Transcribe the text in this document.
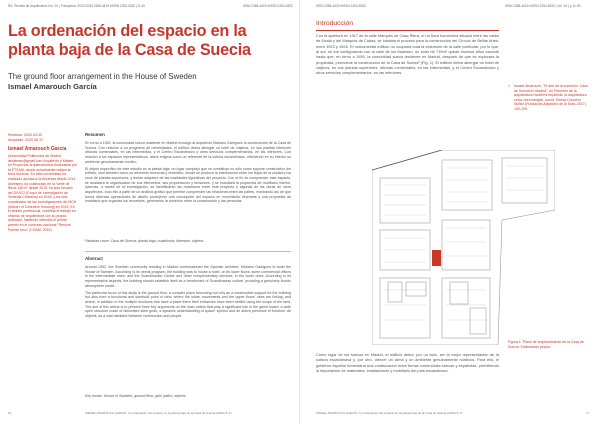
RA. Revista de Arquitectura Vol. 24. | Pamplona, 2023 ISSN 2386-4419 eISSN 2254-6332 | 8–30	ISSN 2386-4419 eISSN 2254-6332	ISSN 2386-4419 eISSN 2254-6332	ISSN 2386-4419 eISSN 2254-6332 | Vol. 24 | p. 8–30
La ordenación del espacio en la planta baja de la Casa de Suecia
The ground floor arrangement in the House of Sweden
Ismael Amarouch García
Recibido: 2020.04.30
Aceptado: 2020.06.17
Ismael Amarouch García
Universidad Politécnica de Madrid ismaieam@gmail.com Arquitecto y Máster en Proyectos Arquitectónicos Avanzados por la ETSAM, donde actualmente realiza la tesis doctoral. En esta universidad ha realizado ayudas a la docencia desde 2014. Asimismo ha colaborado en la "serie de libros 14Km" desde 2015, ha sido becario del GIVCO (Grupo de Investigación de Vivienda Colectiva) en 2018, y ha sido coordinador de las investigaciones del MCH (Master of Collective Housing) en 2019. En el ámbito profesional, combina el trabajo en oficinas de arquitectura con su propia actividad, habiendo obtenido el primer premio en el concurso nacional "Renove Puente urso" (COAM, 2015).
Resumen

En torno a 1952, la comunidad sueca residente en Madrid encargó al arquitecto Mariano Garrigues la construcción de la Casa de Suecia. Con relación a un programa de necesidades, el edificio debía albergar un hotel de viajeros, en sus plantas inferiores oficinas comerciales, en las intermedias, y el Centro Escandinavo y otros servicios complementarios, en las inferiores. Con relación a los espacios representativos, dicha enigma como un referente de la cultura escandinava, ofreciendo en su interior un ambiente genuinamente nórdico.

El objeto específico de este estudio es la planta baja, un lugar complejo que se constituye no sólo como soporte constructivo del edificio, sino también como su elemento funcional y simbólico, donde se produce la intersección entre los flujos de la ciudad y los usos de plantas superiores, y donde adquiere de las cualidades figurativas del proyecto. Con el fin de comprender este espacio, se analizará la organización de sus elementos, sus proporciones y tensiones, y se estudiará la propuesta de mobiliario interior. Además, a través de la investigación, se identificarán las relaciones entre este proyecto y algunas de las obras de otros arquitectos, todo ello a partir de un análisis gráfico que permite comprender las relaciones entre las partes, mostrando así de qué forma diversas operaciones de diseño produjeron una concepción del espacio en movimiento itinerante y una propuesta de mobiliario que organiza los recorridos, generando la conexión entre la construcción y las personas.

Palabras clave: Casa de Suecia; planta baja; cuadrícula; itinerario; objetos.
Abstract

Around 1952, the Swedish community residing in Madrid commissioned the Spanish architect, Mariano Garrigues to build the House of Sweden. According to its needs program, the building was to house a hotel, on its lower floors: some commercial offices in the intermediate ones; and the Scandinavian Center and other complementary services, in the lower ones. According to its representative aspects, the building should establish itself as a benchmark of Scandinavian culture, providing a genuinely Nordic atmosphere inside.

The particular focus of this study is the ground floor, a complex place becoming not only as a constructive support for the building but also from a functional and symbolic point of view, where the urban movements and the upper floors' uses are linking, and where, in addition to the multiple functions that have a place there their entrances have been settled using the scope of the land. The aim of this article is to present three key arguments on the main orders that play a significant role in the game board: a wide open structure made of dimorated steel grids, a dynamic understanding of space; symbol and an active presence of furniture. All objects, as a vital mediator between construction and people.

Key words: House of Sweden; ground floor; grid; paths; objects.
Introducción
Con la apertura en 1917 de la calle Marqués de Casa Riera, en la finca homónima situada entre las calles de Alcalá y del Marqués de Cubas, se iniciaba el proceso para la construcción del Círculo de Bellas Artes, entre 1923 y 1926. El monumental edificio no ocuparía toda la extensión de la calle particular, por lo que, al sur, se fue configurando con la calle de los Madrazo, un solar de 715m² quedó muchos años vacante hasta que, en torno a 1950, la comunidad sueca residente en Madrid, despues de que se explorara la propiedad, promueve la construcción de la Casa de Suecia¹ (Fig. 1). El edificio debía albergar un hotel de viajeros, en sus plantas superiores; oficinas comerciales, en las intermedias, y el Centro Escandinavo y otros servicios complementarios, en las inferiores.
Como lugar de los suecos en Madrid, el edificio debía, por un lado, ser la mejor representación de la cultura escandinava y, por otro, ofrecer un clima y un ambiente genuinamente nórdicos. Para ello, el gobierno español fomentaría una colaboración entre firmas comerciales suecas y españolas, permitiendo la importación de materiales, instalaciones y mobiliario del país escandinavo.
1	Ismael Amarouch, "El arte de la sucesión. Casa de Suecia en Madrid", en Pioneros de la arquitectura moderna española: la arquitectura como obra integral, coord. Teresa Couceiro Núñez (Fundación Alejandro de la Sota, 2017), 190-209.
Figura 1. Plano de emplazamiento de la Casa de Suecia. Elaboración propia.
16	ISMAEL AMAROUCH GARCÍA. La ordenación del espacio en la planta baja de la Casa de Suecia (2020) 8-17	ISMAEL AMAROUCH GARCÍA. La ordenación del espacio en la planta baja de la Casa de Suecia (2020) 8-17	17
